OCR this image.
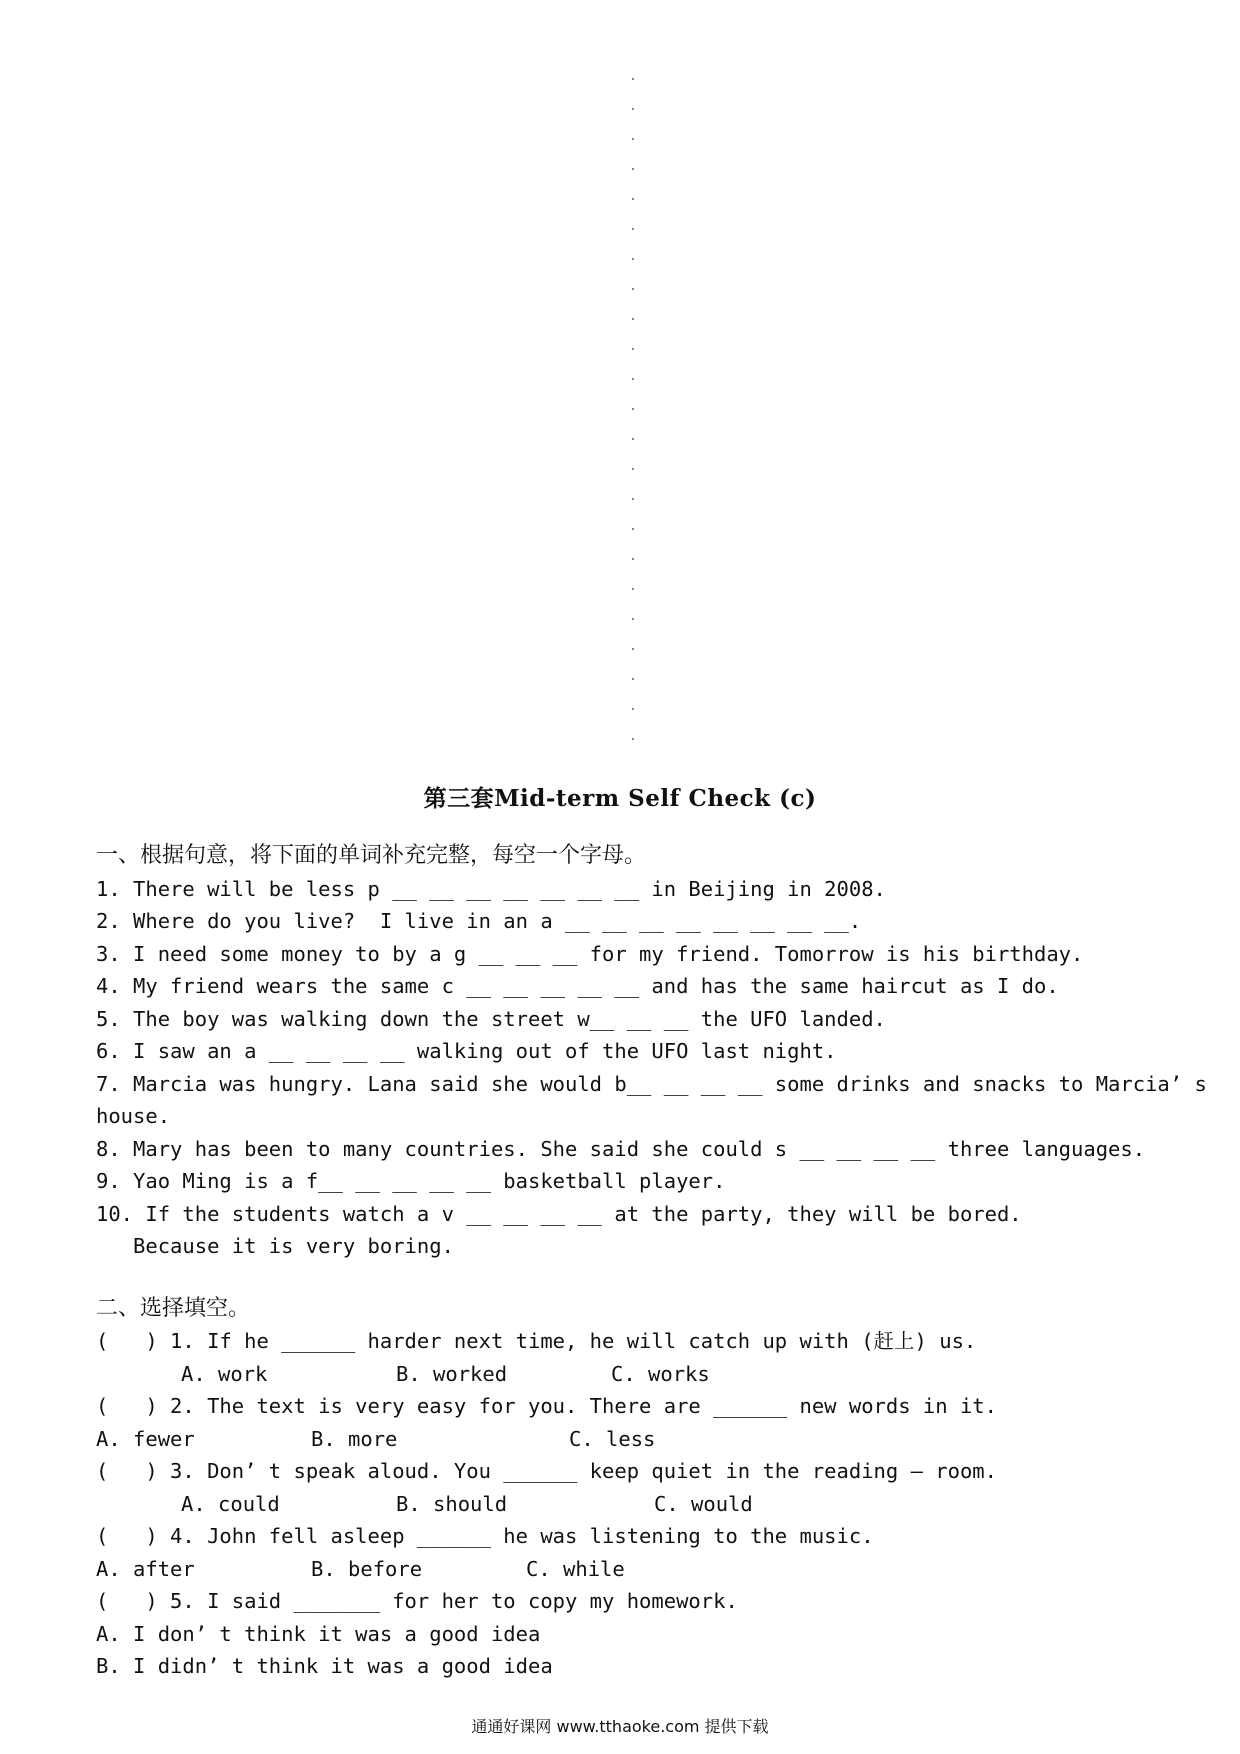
第三套Mid-term Self Check (c)
一、根据句意，将下面的单词补充完整，每空一个字母。
1. There will be less p __ __ __ __ __ __ __ in Beijing in 2008.
2. Where do you live?  I live in an a __ __ __ __ __ __ __ __.
3. I need some money to by a g __ __ __ for my friend. Tomorrow is his birthday.
4. My friend wears the same c __ __ __ __ __ and has the same haircut as I do.
5. The boy was walking down the street w__ __ __ the UFO landed.
6. I saw an a __ __ __ __ walking out of the UFO last night.
7. Marcia was hungry. Lana said she would b__ __ __ __ some drinks and snacks to Marcia’ s
house.
8. Mary has been to many countries. She said she could s __ __ __ __ three languages.
9. Yao Ming is a f__ __ __ __ __ basketball player.
10. If the students watch a v __ __ __ __ at the party, they will be bored.
Because it is very boring.
二、选择填空。
(   ) 1. If he ______ harder next time, he will catch up with (赶上) us.
A. work	B. worked	C. works
(   ) 2. The text is very easy for you. There are ______ new words in it.
A. fewer	B. more	C. less
(   ) 3. Don’ t speak aloud. You ______ keep quiet in the reading – room.
A. could	B. should	C. would
(   ) 4. John fell asleep ______ he was listening to the music.
A. after	B. before	C. while
(   ) 5. I said _______ for her to copy my homework.
A. I don’ t think it was a good idea
B. I didn’ t think it was a good idea
通通好课网 www.tthaoke.com 提供下载
